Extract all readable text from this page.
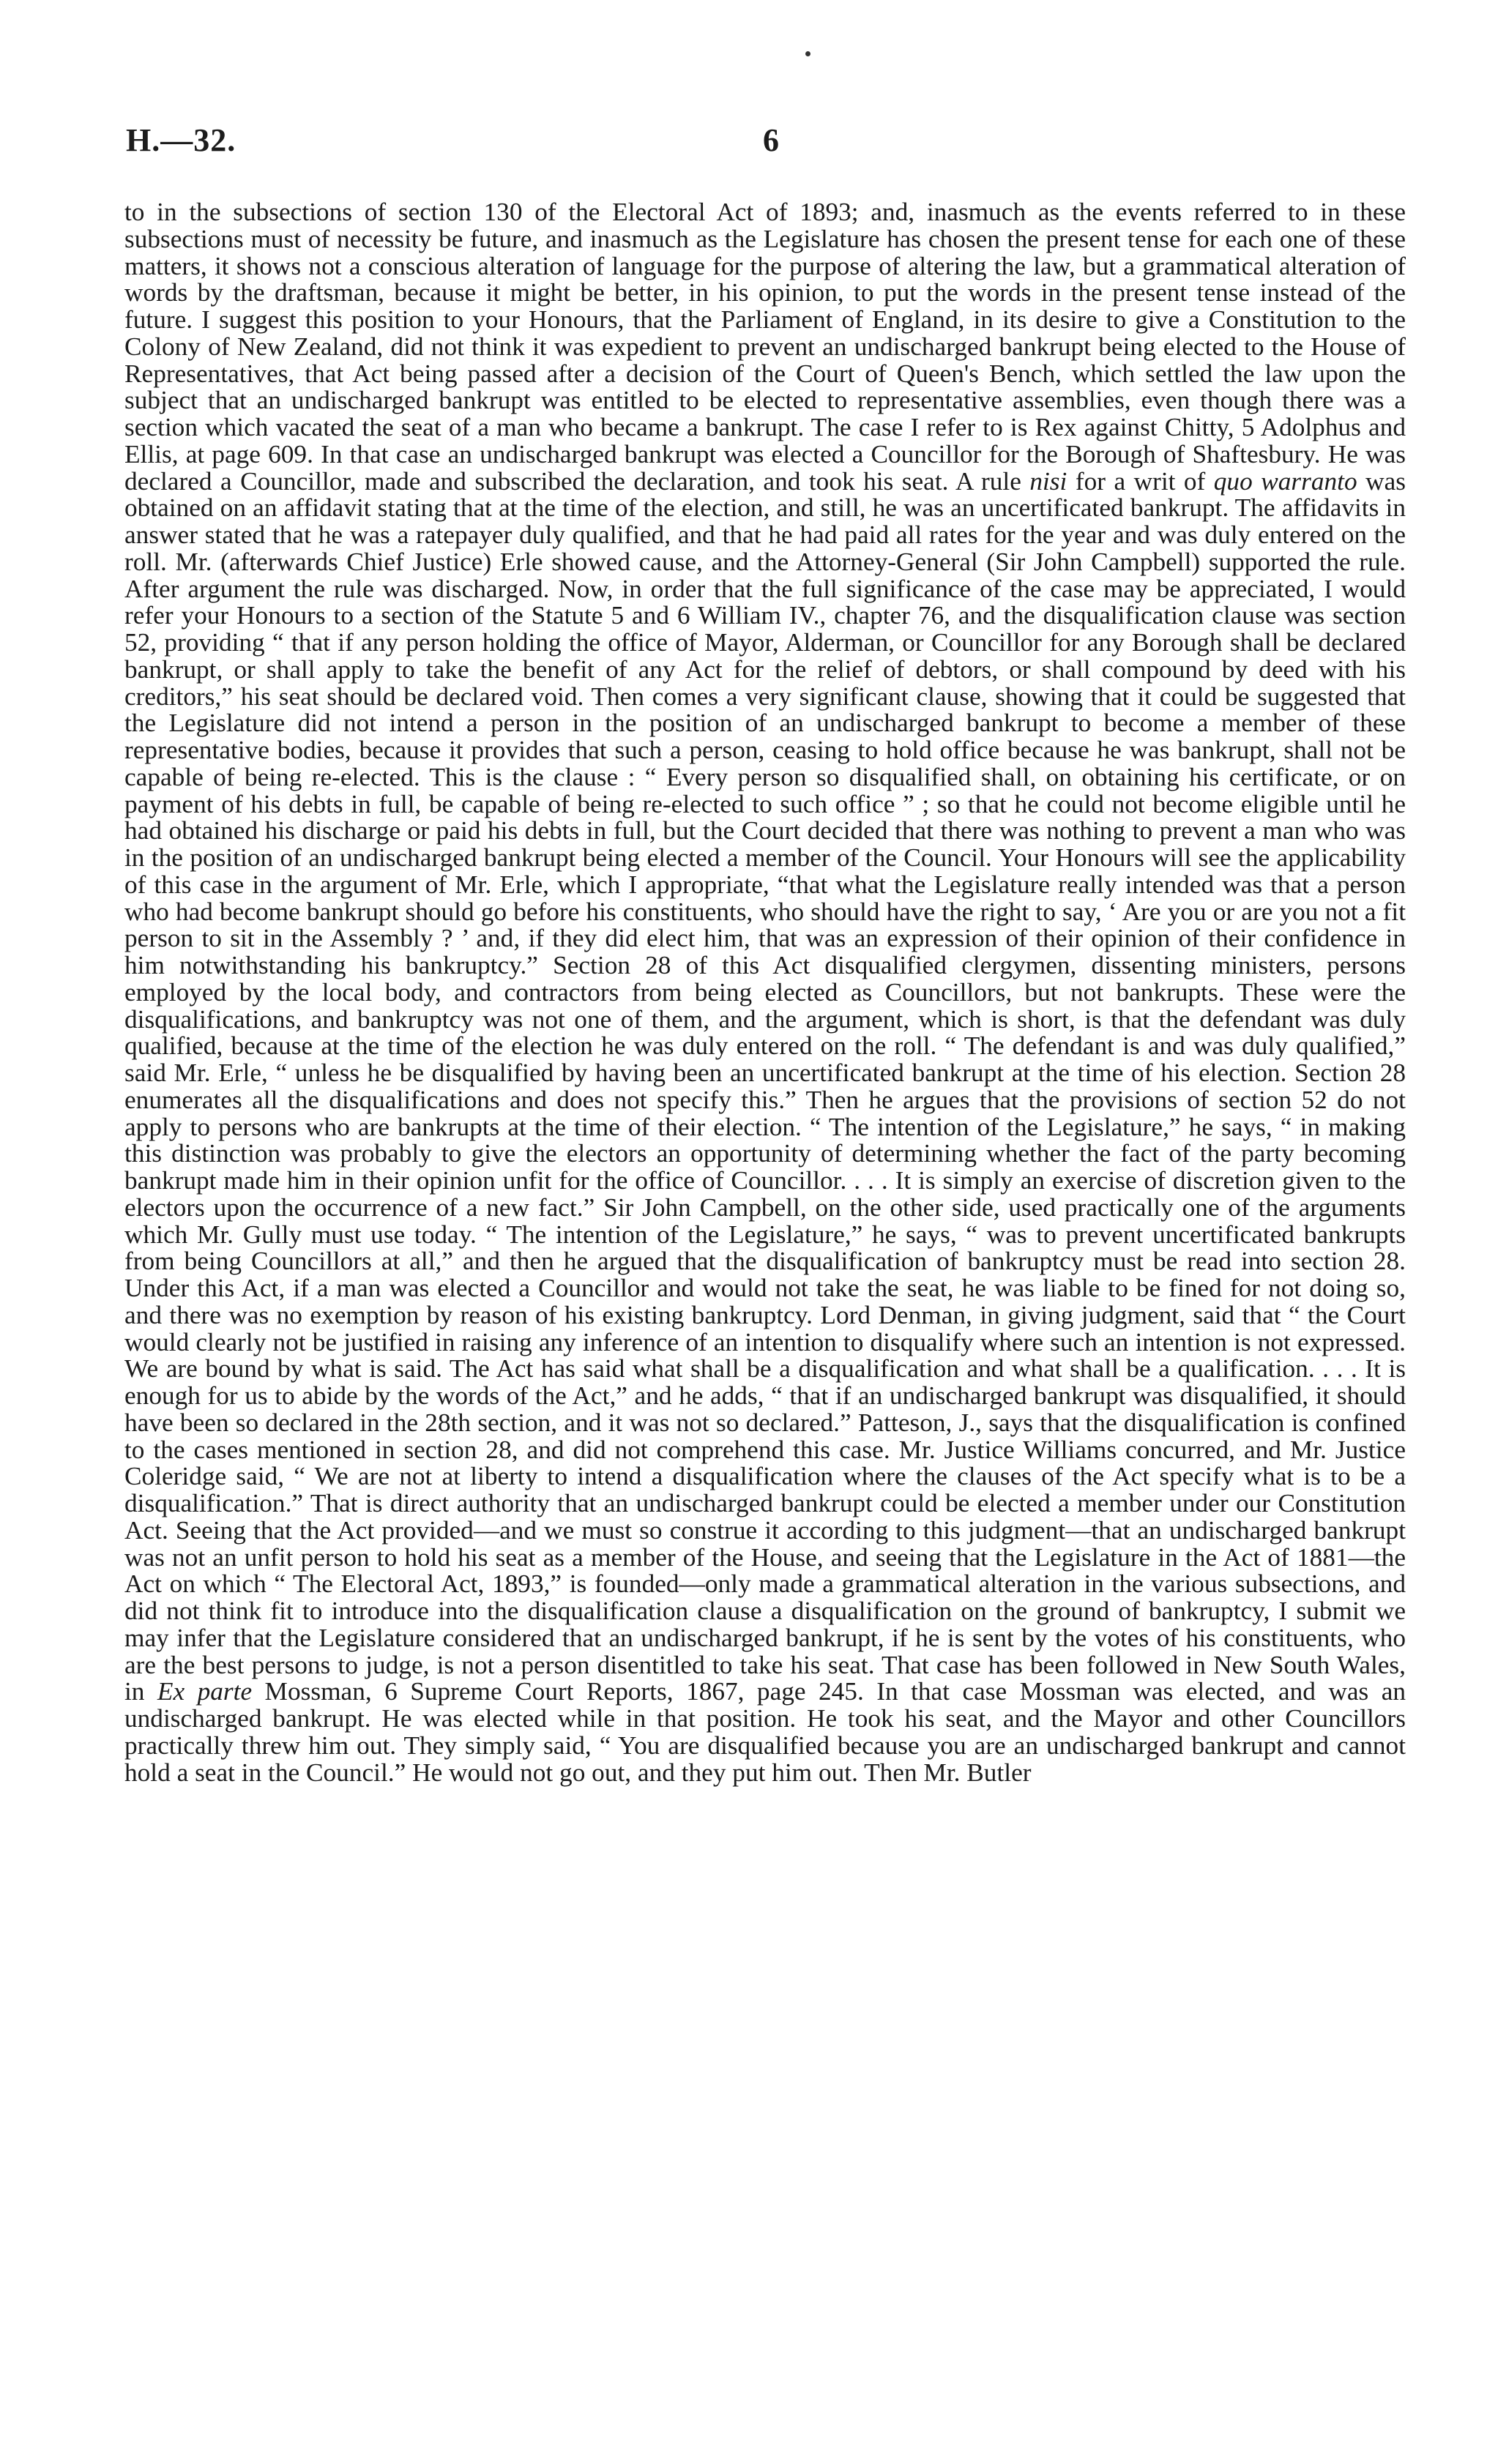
H.—32.	6

to in the subsections of section 130 of the Electoral Act of 1893; and, inasmuch as the events referred to in these subsections must of necessity be future, and inasmuch as the Legislature has chosen the present tense for each one of these matters, it shows not a conscious alteration of language for the purpose of altering the law, but a grammatical alteration of words by the draftsman, because it might be better, in his opinion, to put the words in the present tense instead of the future. I suggest this position to your Honours, that the Parliament of England, in its desire to give a Constitution to the Colony of New Zealand, did not think it was expedient to prevent an undischarged bankrupt being elected to the House of Representatives, that Act being passed after a decision of the Court of Queen's Bench, which settled the law upon the subject that an undischarged bankrupt was entitled to be elected to representative assemblies, even though there was a section which vacated the seat of a man who became a bankrupt. The case I refer to is Rex against Chitty, 5 Adolphus and Ellis, at page 609. In that case an undischarged bankrupt was elected a Councillor for the Borough of Shaftesbury. He was declared a Councillor, made and subscribed the declaration, and took his seat. A rule nisi for a writ of quo warranto was obtained on an affidavit stating that at the time of the election, and still, he was an uncertificated bankrupt. The affidavits in answer stated that he was a ratepayer duly qualified, and that he had paid all rates for the year and was duly entered on the roll. Mr. (afterwards Chief Justice) Erle showed cause, and the Attorney-General (Sir John Campbell) supported the rule. After argument the rule was discharged. Now, in order that the full significance of the case may be appreciated, I would refer your Honours to a section of the Statute 5 and 6 William IV., chapter 76, and the disqualification clause was section 52, providing “ that if any person holding the office of Mayor, Alderman, or Councillor for any Borough shall be declared bankrupt, or shall apply to take the benefit of any Act for the relief of debtors, or shall compound by deed with his creditors,” his seat should be declared void. Then comes a very significant clause, showing that it could be suggested that the Legislature did not intend a person in the position of an undischarged bankrupt to become a member of these representative bodies, because it provides that such a person, ceasing to hold office because he was bankrupt, shall not be capable of being re-elected. This is the clause : “ Every person so disqualified shall, on obtaining his certificate, or on payment of his debts in full, be capable of being re-elected to such office ” ; so that he could not become eligible until he had obtained his discharge or paid his debts in full, but the Court decided that there was nothing to prevent a man who was in the position of an undischarged bankrupt being elected a member of the Council. Your Honours will see the applicability of this case in the argument of Mr. Erle, which I appropriate, “that what the Legislature really intended was that a person who had become bankrupt should go before his constituents, who should have the right to say, ‘ Are you or are you not a fit person to sit in the Assembly ? ’ and, if they did elect him, that was an expression of their opinion of their confidence in him notwithstanding his bankruptcy.” Section 28 of this Act disqualified clergymen, dissenting ministers, persons employed by the local body, and contractors from being elected as Councillors, but not bankrupts. These were the disqualifications, and bankruptcy was not one of them, and the argument, which is short, is that the defendant was duly qualified, because at the time of the election he was duly entered on the roll. “ The defendant is and was duly qualified,” said Mr. Erle, “ unless he be disqualified by having been an uncertificated bankrupt at the time of his election. Section 28 enumerates all the disqualifications and does not specify this.” Then he argues that the provisions of section 52 do not apply to persons who are bankrupts at the time of their election. “ The intention of the Legislature,” he says, “ in making this distinction was probably to give the electors an opportunity of determining whether the fact of the party becoming bankrupt made him in their opinion unfit for the office of Councillor. . . . It is simply an exercise of discretion given to the electors upon the occurrence of a new fact.” Sir John Campbell, on the other side, used practically one of the arguments which Mr. Gully must use today. “ The intention of the Legislature,” he says, “ was to prevent uncertificated bankrupts from being Councillors at all,” and then he argued that the disqualification of bankruptcy must be read into section 28. Under this Act, if a man was elected a Councillor and would not take the seat, he was liable to be fined for not doing so, and there was no exemption by reason of his existing bankruptcy. Lord Denman, in giving judgment, said that “ the Court would clearly not be justified in raising any inference of an intention to disqualify where such an intention is not expressed. We are bound by what is said. The Act has said what shall be a disqualification and what shall be a qualification. . . . It is enough for us to abide by the words of the Act,” and he adds, “ that if an undischarged bankrupt was disqualified, it should have been so declared in the 28th section, and it was not so declared.” Patteson, J., says that the disqualification is confined to the cases mentioned in section 28, and did not comprehend this case. Mr. Justice Williams concurred, and Mr. Justice Coleridge said, “ We are not at liberty to intend a disqualification where the clauses of the Act specify what is to be a disqualification.” That is direct authority that an undischarged bankrupt could be elected a member under our Constitution Act. Seeing that the Act provided—and we must so construe it according to this judgment—that an undischarged bankrupt was not an unfit person to hold his seat as a member of the House, and seeing that the Legislature in the Act of 1881—the Act on which “ The Electoral Act, 1893,” is founded—only made a grammatical alteration in the various subsections, and did not think fit to introduce into the disqualification clause a disqualification on the ground of bankruptcy, I submit we may infer that the Legislature considered that an undischarged bankrupt, if he is sent by the votes of his constituents, who are the best persons to judge, is not a person disentitled to take his seat. That case has been followed in New South Wales, in Ex parte Mossman, 6 Supreme Court Reports, 1867, page 245. In that case Mossman was elected, and was an undischarged bankrupt. He was elected while in that position. He took his seat, and the Mayor and other Councillors practically threw him out. They simply said, “ You are disqualified because you are an undischarged bankrupt and cannot hold a seat in the Council.” He would not go out, and they put him out. Then Mr. Butler
